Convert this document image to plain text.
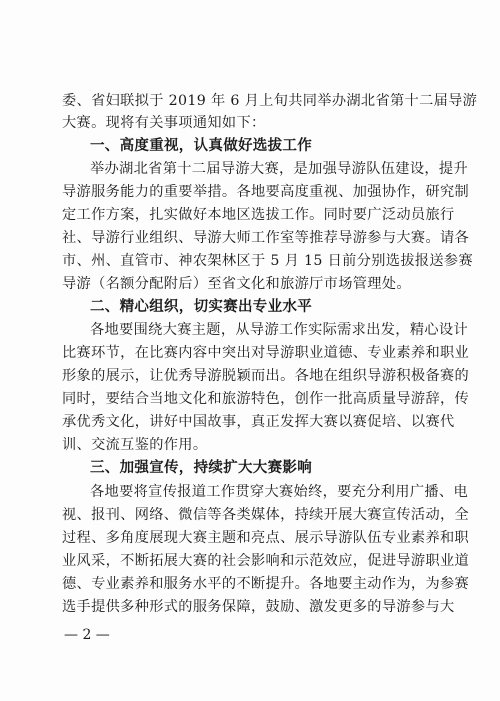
委、省妇联拟于 2019 年 6 月上旬共同举办湖北省第十二届导游
大赛。现将有关事项通知如下：
一、高度重视，认真做好选拔工作
举办湖北省第十二届导游大赛，是加强导游队伍建设，提升
导游服务能力的重要举措。各地要高度重视、加强协作，研究制
定工作方案，扎实做好本地区选拔工作。同时要广泛动员旅行
社、导游行业组织、导游大师工作室等推荐导游参与大赛。请各
市、州、直管市、神农架林区于 5 月 15 日前分别选拔报送参赛
导游（名额分配附后）至省文化和旅游厅市场管理处。
二、精心组织，切实赛出专业水平
各地要围绕大赛主题，从导游工作实际需求出发，精心设计
比赛环节，在比赛内容中突出对导游职业道德、专业素养和职业
形象的展示，让优秀导游脱颖而出。各地在组织导游积极备赛的
同时，要结合当地文化和旅游特色，创作一批高质量导游辞，传
承优秀文化，讲好中国故事，真正发挥大赛以赛促培、以赛代
训、交流互鉴的作用。
三、加强宣传，持续扩大大赛影响
各地要将宣传报道工作贯穿大赛始终，要充分利用广播、电
视、报刊、网络、微信等各类媒体，持续开展大赛宣传活动，全
过程、多角度展现大赛主题和亮点、展示导游队伍专业素养和职
业风采，不断拓展大赛的社会影响和示范效应，促进导游职业道
德、专业素养和服务水平的不断提升。各地要主动作为，为参赛
选手提供多种形式的服务保障，鼓励、激发更多的导游参与大
— 2 —
